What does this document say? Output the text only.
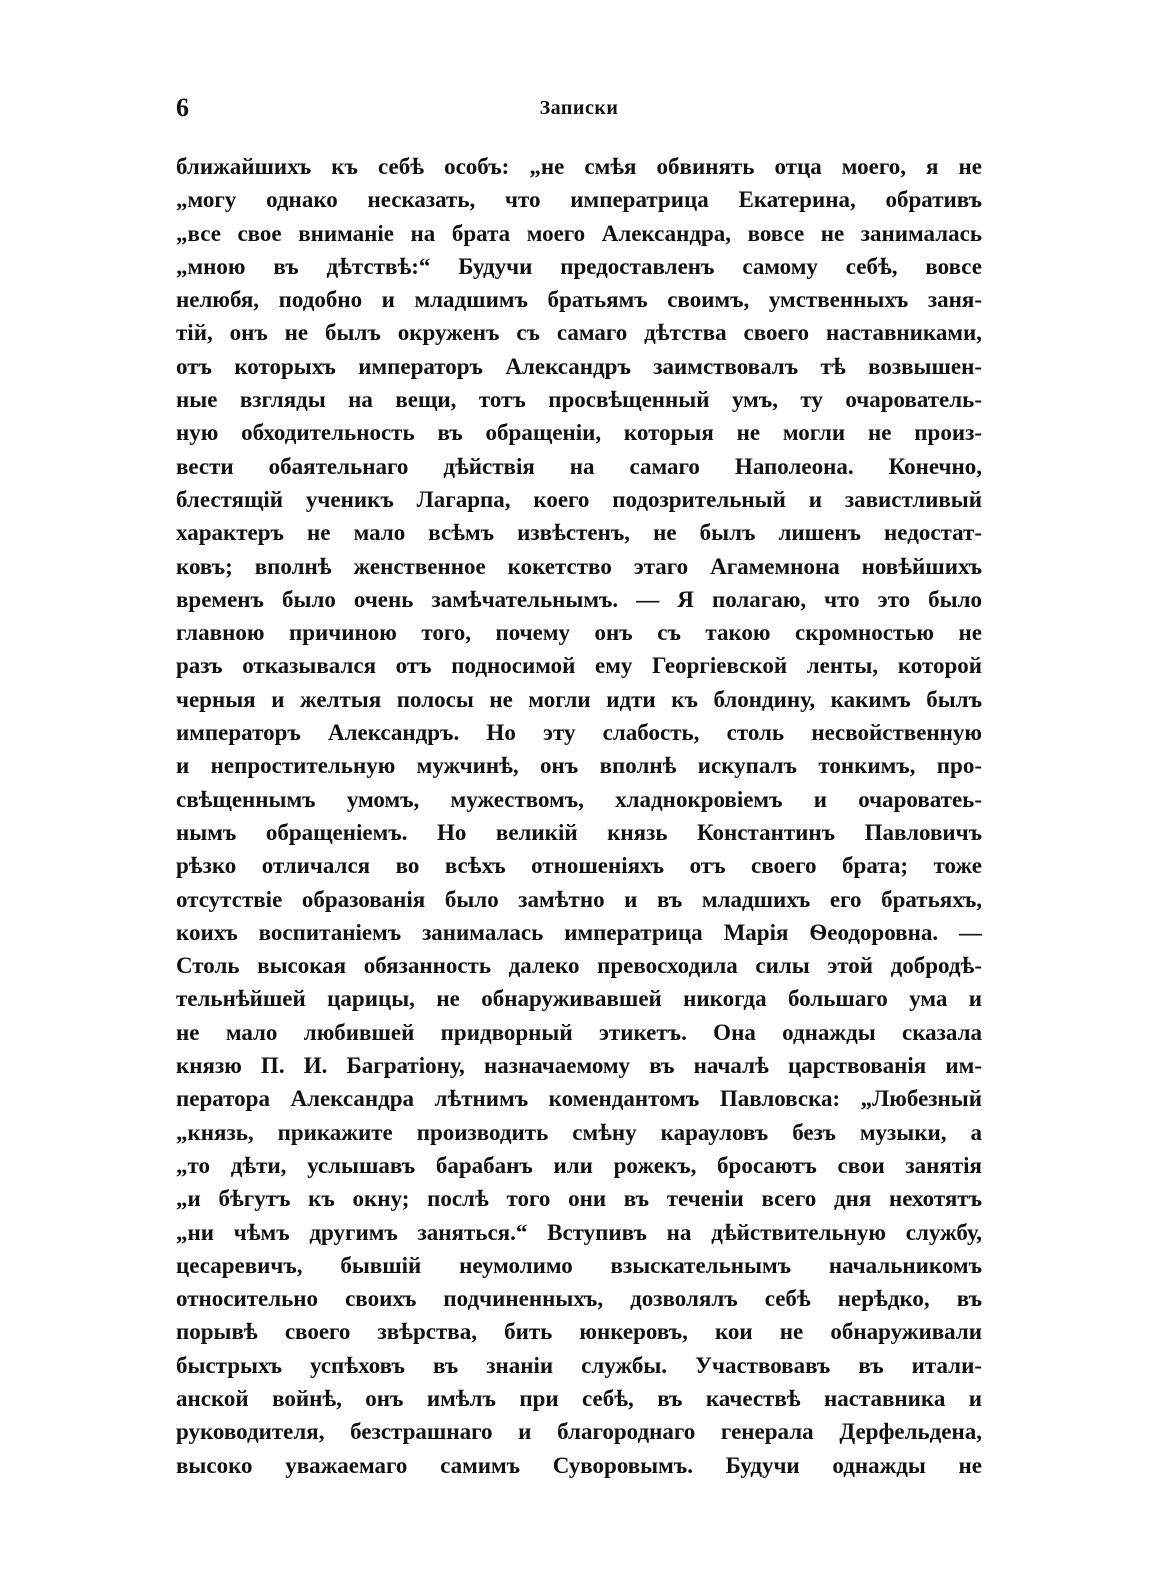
6	Записки
ближайшихъ къ себѣ особъ: „не смѣя обвинять отца моего, я не
„могу однако несказать, что императрица Екатерина, обративъ
„все свое вниманіе на брата моего Александра, вовсе не занималась
„мною въ дѣтствѣ:“ Будучи предоставленъ самому себѣ, вовсе
нелюбя, подобно и младшимъ братьямъ своимъ, умственныхъ заня-
тій, онъ не былъ окруженъ съ самаго дѣтства своего наставниками,
отъ которыхъ императоръ Александръ заимствовалъ тѣ возвышен-
ные взгляды на вещи, тотъ просвѣщенный умъ, ту очарователь-
ную обходительность въ обращеніи, которыя не могли не произ-
вести обаятельнаго дѣйствія на самаго Наполеона. Конечно,
блестящій ученикъ Лагарпа, коего подозрительный и завистливый
характеръ не мало всѣмъ извѣстенъ, не былъ лишенъ недостат-
ковъ; вполнѣ женственное кокетство этаго Агамемнона новѣйшихъ
временъ было очень замѣчательнымъ. — Я полагаю, что это было
главною причиною того, почему онъ съ такою скромностью не
разъ отказывался отъ подносимой ему Георгіевской ленты, которой
черныя и желтыя полосы не могли идти къ блондину, какимъ былъ
императоръ Александръ. Но эту слабость, столь несвойственную
и непростительную мужчинѣ, онъ вполнѣ искупалъ тонкимъ, про-
свѣщеннымъ умомъ, мужествомъ, хладнокровіемъ и очароватеь-
нымъ обращеніемъ. Но великій князь Константинъ Павловичъ
рѣзко отличался во всѣхъ отношеніяхъ отъ своего брата; тоже
отсутствіе образованія было замѣтно и въ младшихъ его братьяхъ,
коихъ воспитаніемъ занималась императрица Марія Ѳеодоровна. —
Столь высокая обязанность далеко превосходила силы этой добродѣ-
тельнѣйшей царицы, не обнаруживавшей никогда большаго ума и
не мало любившей придворный этикетъ. Она однажды сказала
князю П. И. Багратіону, назначаемому въ началѣ царствованія им-
ператора Александра лѣтнимъ комендантомъ Павловска: „Любезный
„князь, прикажите производить смѣну карауловъ безъ музыки, а
„то дѣти, услышавъ барабанъ или рожекъ, бросаютъ свои занятія
„и бѣгутъ къ окну; послѣ того они въ теченіи всего дня нехотятъ
„ни чѣмъ другимъ заняться.“ Вступивъ на дѣйствительную службу,
цесаревичъ, бывшій неумолимо взыскательнымъ начальникомъ
относительно своихъ подчиненныхъ, дозволялъ себѣ нерѣдко, въ
порывѣ своего звѣрства, бить юнкеровъ, кои не обнаруживали
быстрыхъ успѣховъ въ знаніи службы. Участвовавъ въ итали-
анской войнѣ, онъ имѣлъ при себѣ, въ качествѣ наставника и
руководителя, безстрашнаго и благороднаго генерала Дерфельдена,
высоко уважаемаго самимъ Суворовымъ. Будучи однажды не
